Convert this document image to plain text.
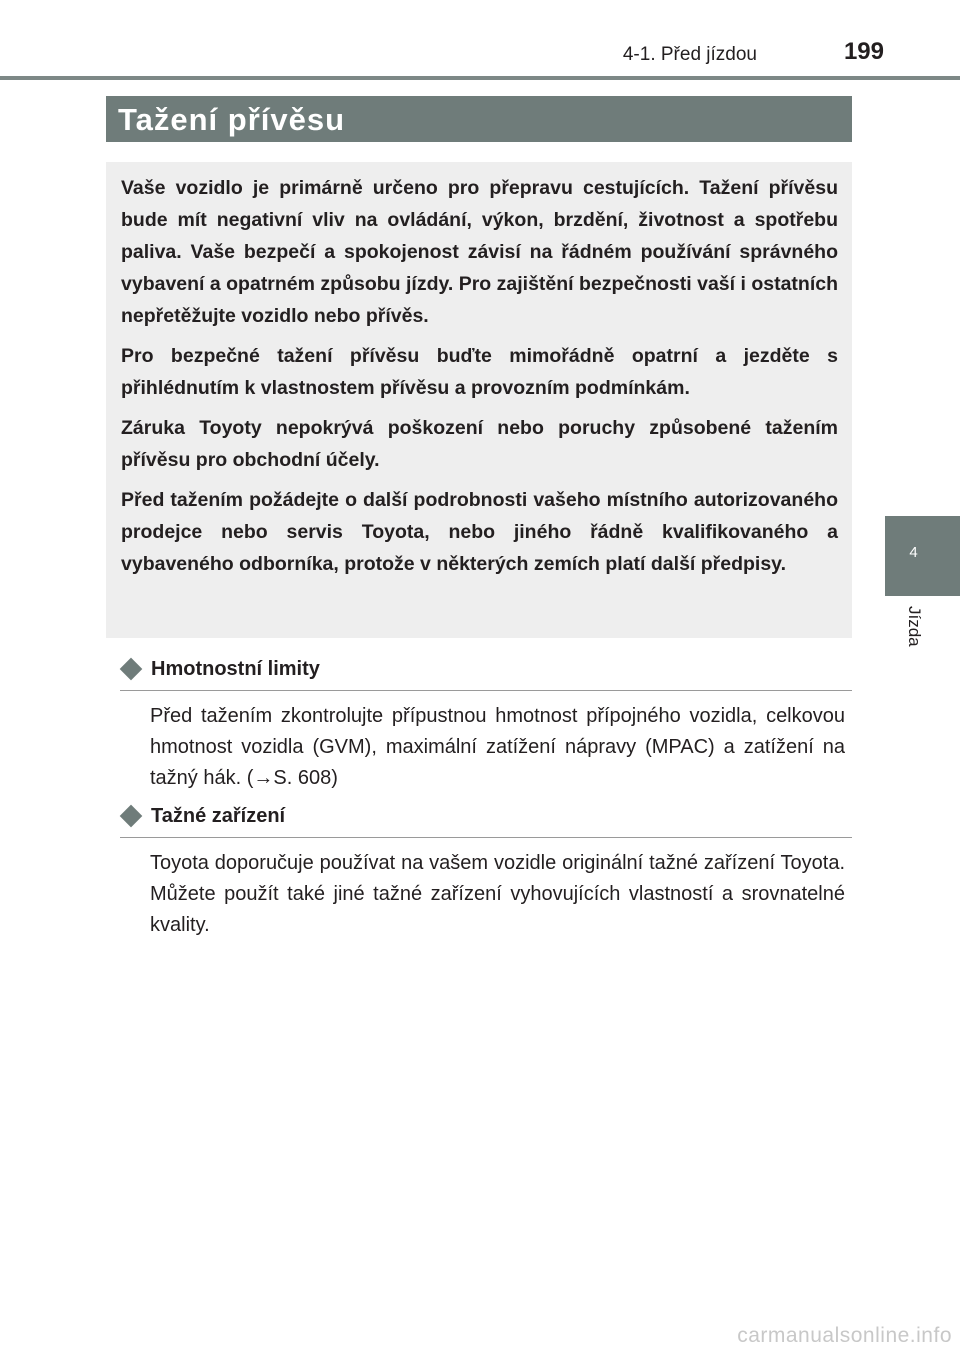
4-1. Před jízdou	199
Tažení přívěsu

Vaše vozidlo je primárně určeno pro přepravu cestujících. Tažení přívěsu bude mít negativní vliv na ovládání, výkon, brzdění, životnost a spotřebu paliva. Vaše bezpečí a spokojenost závisí na řádném používání správného vybavení a opatrném způsobu jízdy. Pro zajištění bezpečnosti vaší i ostatních nepřetěžujte vozidlo nebo přívěs.

Pro bezpečné tažení přívěsu buďte mimořádně opatrní a jezděte s přihlédnutím k vlastnostem přívěsu a provozním podmínkám.

Záruka Toyoty nepokrývá poškození nebo poruchy způsobené tažením přívěsu pro obchodní účely.

Před tažením požádejte o další podrobnosti vašeho místního autorizovaného prodejce nebo servis Toyota, nebo jiného řádně kvalifikovaného a vybaveného odborníka, protože v některých zemích platí další předpisy.

Hmotnostní limity

Před tažením zkontrolujte přípustnou hmotnost přípojného vozidla, celkovou hmotnost vozidla (GVM), maximální zatížení nápravy (MPAC) a zatížení na tažný hák. (→S. 608)

Tažné zařízení

Toyota doporučuje používat na vašem vozidle originální tažné zařízení Toyota. Můžete použít také jiné tažné zařízení vyhovujících vlastností a srovnatelné kvality.

4
Jízda
carmanualsonline.info
